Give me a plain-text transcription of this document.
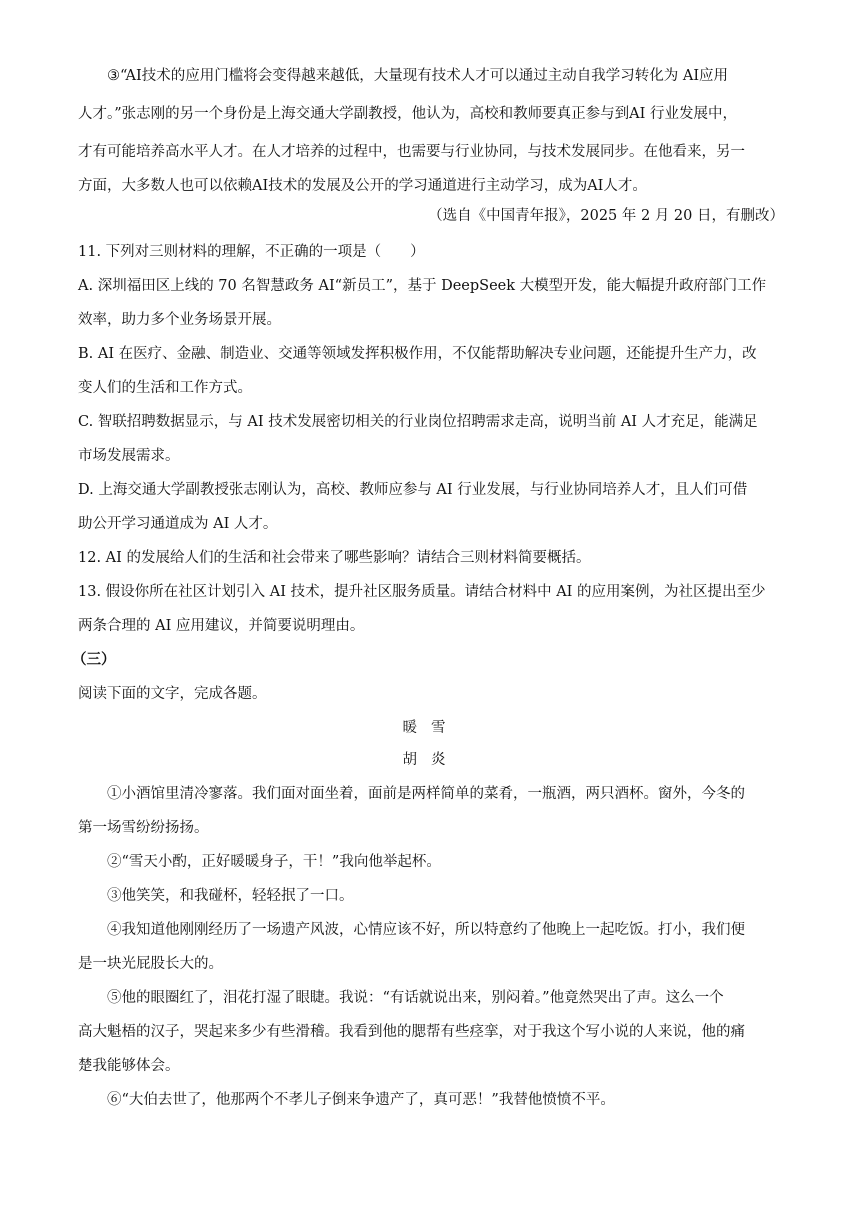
③“AI技术的应用门槛将会变得越来越低，大量现有技术人才可以通过主动自我学习转化为 AI应用
人才。”张志刚的另一个身份是上海交通大学副教授，他认为，高校和教师要真正参与到AI 行业发展中，
才有可能培养高水平人才。在人才培养的过程中，也需要与行业协同，与技术发展同步。在他看来，另一
方面，大多数人也可以依赖AI技术的发展及公开的学习通道进行主动学习，成为AI人才。
（选自《中国青年报》，2025 年 2 月 20 日，有删改）
11. 下列对三则材料的理解，不正确的一项是（　　）
A. 深圳福田区上线的 70 名智慧政务 AI“新员工”，基于 DeepSeek 大模型开发，能大幅提升政府部门工作
效率，助力多个业务场景开展。
B. AI 在医疗、金融、制造业、交通等领域发挥积极作用，不仅能帮助解决专业问题，还能提升生产力，改
变人们的生活和工作方式。
C. 智联招聘数据显示，与 AI 技术发展密切相关的行业岗位招聘需求走高，说明当前 AI 人才充足，能满足
市场发展需求。
D. 上海交通大学副教授张志刚认为，高校、教师应参与 AI 行业发展，与行业协同培养人才，且人们可借
助公开学习通道成为 AI 人才。
12. AI 的发展给人们的生活和社会带来了哪些影响？请结合三则材料简要概括。
13. 假设你所在社区计划引入 AI 技术，提升社区服务质量。请结合材料中 AI 的应用案例，为社区提出至少
两条合理的 AI 应用建议，并简要说明理由。
（三）
阅读下面的文字，完成各题。
暖雪
胡炎
①小酒馆里清冷寥落。我们面对面坐着，面前是两样简单的菜肴，一瓶酒，两只酒杯。窗外，今冬的
第一场雪纷纷扬扬。
②“雪天小酌，正好暖暖身子，干！”我向他举起杯。
③他笑笑，和我碰杯，轻轻抿了一口。
④我知道他刚刚经历了一场遗产风波，心情应该不好，所以特意约了他晚上一起吃饭。打小，我们便
是一块光屁股长大的。
⑤他的眼圈红了，泪花打湿了眼睫。我说：“有话就说出来，别闷着。”他竟然哭出了声。这么一个
高大魁梧的汉子，哭起来多少有些滑稽。我看到他的腮帮有些痉挛，对于我这个写小说的人来说，他的痛
楚我能够体会。
⑥“大伯去世了，他那两个不孝儿子倒来争遗产了，真可恶！”我替他愤愤不平。
